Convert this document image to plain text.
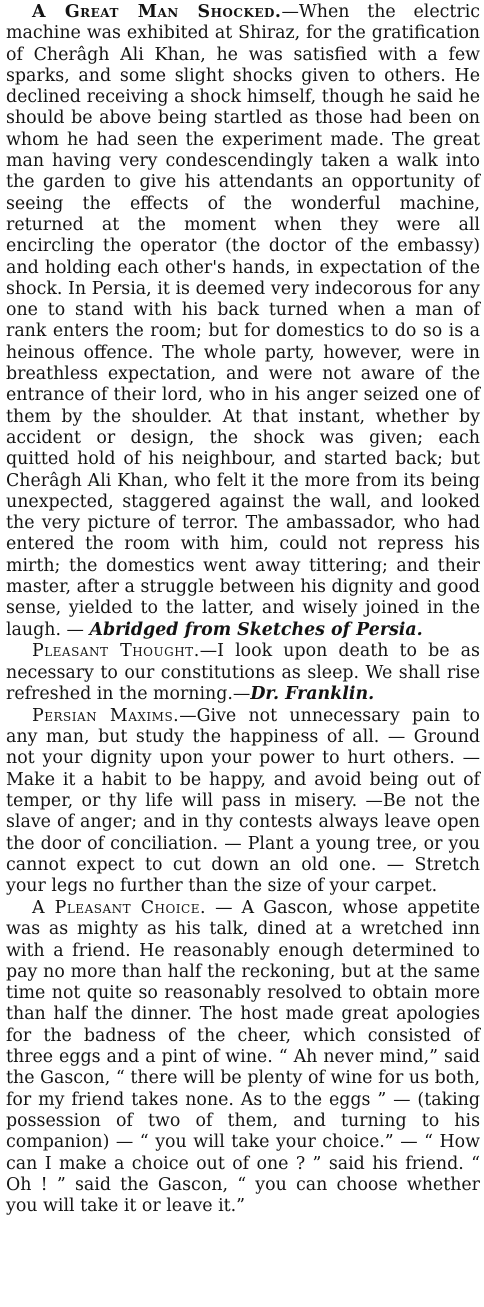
A Great Man Shocked.—When the electric machine was exhibited at Shiraz, for the gratification of Cherâgh Ali Khan, he was satisfied with a few sparks, and some slight shocks given to others. He declined receiving a shock himself, though he said he should be above being startled as those had been on whom he had seen the experiment made. The great man having very condescendingly taken a walk into the garden to give his attendants an opportunity of seeing the effects of the wonderful machine, returned at the moment when they were all encircling the operator (the doctor of the embassy) and holding each other's hands, in expectation of the shock. In Persia, it is deemed very indecorous for any one to stand with his back turned when a man of rank enters the room; but for domestics to do so is a heinous offence. The whole party, however, were in breathless expectation, and were not aware of the entrance of their lord, who in his anger seized one of them by the shoulder. At that instant, whether by accident or design, the shock was given; each quitted hold of his neighbour, and started back; but Cherâgh Ali Khan, who felt it the more from its being unexpected, staggered against the wall, and looked the very picture of terror. The ambassador, who had entered the room with him, could not repress his mirth; the domestics went away tittering; and their master, after a struggle between his dignity and good sense, yielded to the latter, and wisely joined in the laugh. — Abridged from Sketches of Persia.

Pleasant Thought.—I look upon death to be as necessary to our constitutions as sleep. We shall rise refreshed in the morning.—Dr. Franklin.

Persian Maxims.—Give not unnecessary pain to any man, but study the happiness of all. — Ground not your dignity upon your power to hurt others. — Make it a habit to be happy, and avoid being out of temper, or thy life will pass in misery. —Be not the slave of anger; and in thy contests always leave open the door of conciliation. — Plant a young tree, or you cannot expect to cut down an old one. — Stretch your legs no further than the size of your carpet.

A Pleasant Choice. — A Gascon, whose appetite was as mighty as his talk, dined at a wretched inn with a friend. He reasonably enough determined to pay no more than half the reckoning, but at the same time not quite so reasonably resolved to obtain more than half the dinner. The host made great apologies for the badness of the cheer, which consisted of three eggs and a pint of wine. “ Ah never mind,” said the Gascon, “ there will be plenty of wine for us both, for my friend takes none. As to the eggs ” — (taking possession of two of them, and turning to his companion) — “ you will take your choice.” — “ How can I make a choice out of one ? ” said his friend. “ Oh ! ” said the Gascon, “ you can choose whether you will take it or leave it.”
